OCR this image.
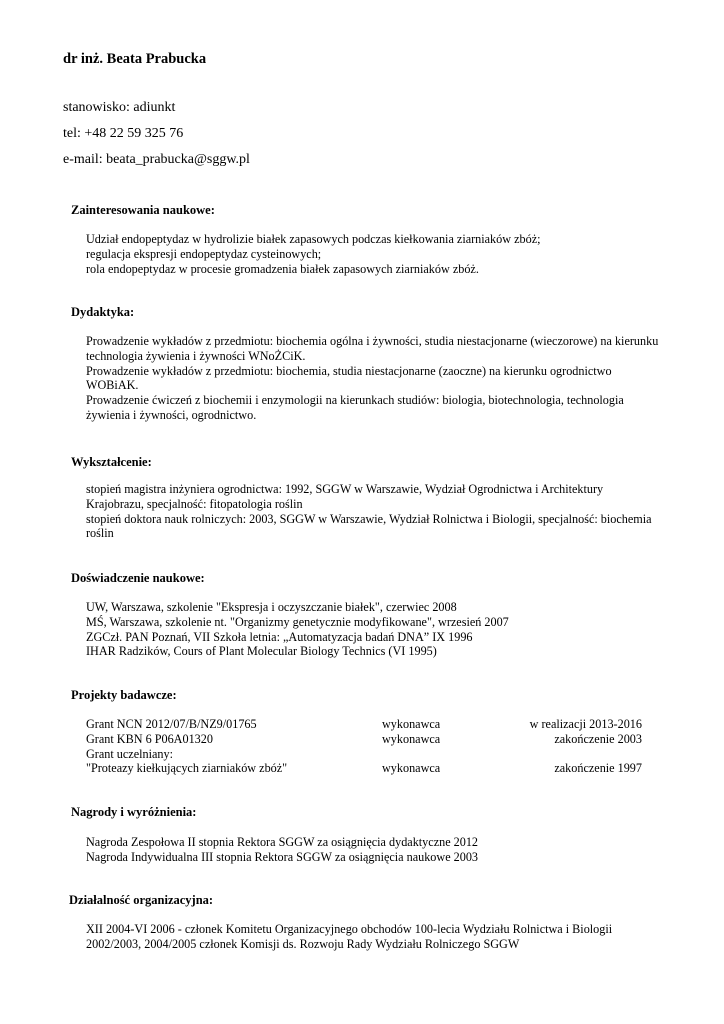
dr inż. Beata Prabucka
stanowisko: adiunkt
tel: +48 22 59 325 76
e-mail: beata_prabucka@sggw.pl
Zainteresowania naukowe:
Udział endopeptydaz w hydrolizie białek zapasowych podczas kiełkowania ziarniaków zbóż;
regulacja ekspresji endopeptydaz cysteinowych;
rola endopeptydaz w procesie gromadzenia białek zapasowych ziarniaków zbóż.
Dydaktyka:
Prowadzenie wykładów z przedmiotu: biochemia ogólna i żywności, studia niestacjonarne (wieczorowe) na kierunku
technologia żywienia i żywności WNoŻCiK.
Prowadzenie wykładów z przedmiotu: biochemia, studia niestacjonarne (zaoczne) na kierunku ogrodnictwo
WOBiAK.
Prowadzenie ćwiczeń z biochemii i enzymologii na kierunkach studiów: biologia, biotechnologia, technologia
żywienia i żywności, ogrodnictwo.
Wykształcenie:
stopień magistra inżyniera ogrodnictwa: 1992, SGGW w Warszawie, Wydział Ogrodnictwa i Architektury
Krajobrazu, specjalność: fitopatologia roślin
stopień doktora nauk rolniczych: 2003, SGGW w Warszawie, Wydział Rolnictwa i Biologii, specjalność: biochemia
roślin
Doświadczenie naukowe:
UW, Warszawa, szkolenie "Ekspresja i oczyszczanie białek", czerwiec 2008
MŚ, Warszawa, szkolenie nt. "Organizmy genetycznie modyfikowane", wrzesień 2007
ZGCzł. PAN Poznań, VII Szkoła letnia: „Automatyzacja badań DNA” IX 1996
IHAR Radzików, Cours of Plant Molecular Biology Technics (VI 1995)
Projekty badawcze:
Grant NCN 2012/07/B/NZ9/01765	wykonawca	w realizacji 2013-2016
Grant KBN 6 P06A01320	wykonawca	zakończenie 2003
Grant uczelniany:
"Proteazy kiełkujących ziarniaków zbóż"	wykonawca	zakończenie 1997
Nagrody i wyróżnienia:
Nagroda Zespołowa II stopnia Rektora SGGW za osiągnięcia dydaktyczne 2012
Nagroda Indywidualna III stopnia Rektora SGGW za osiągnięcia naukowe 2003
Działalność organizacyjna:
XII 2004-VI 2006 - członek Komitetu Organizacyjnego obchodów 100-lecia Wydziału Rolnictwa i Biologii
2002/2003, 2004/2005 członek Komisji ds. Rozwoju Rady Wydziału Rolniczego SGGW
